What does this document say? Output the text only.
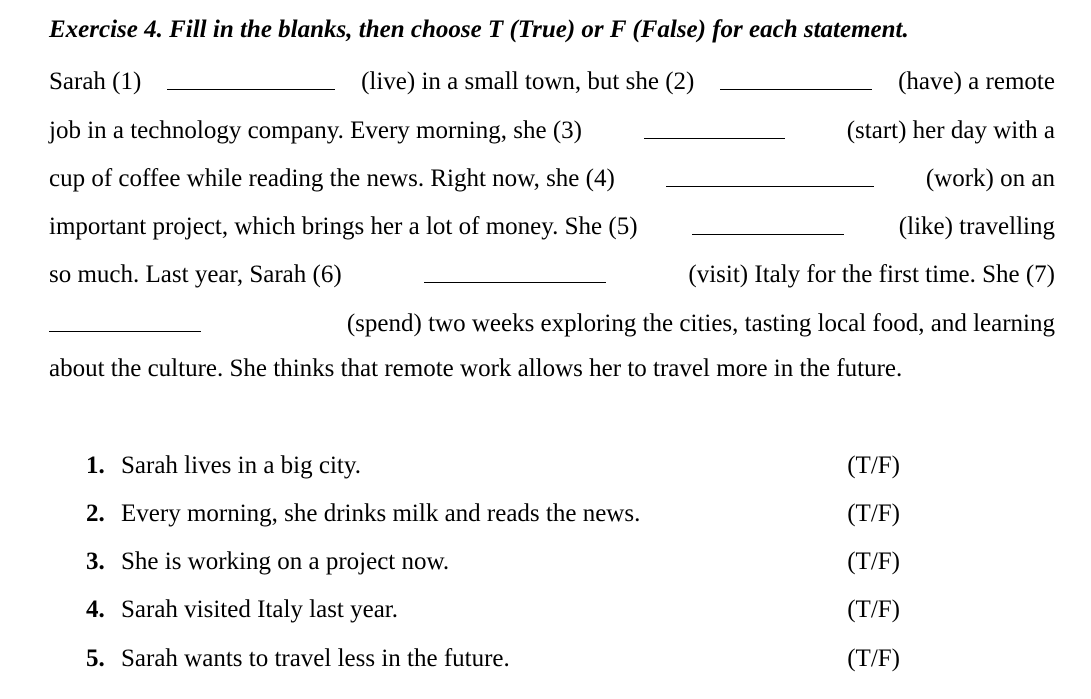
Exercise 4. Fill in the blanks, then choose T (True) or F (False) for each statement.
Sarah (1)	(live) in a small town, but she (2)	(have) a remote
job in a technology company. Every morning, she (3)	(start) her day with a
cup of coffee while reading the news. Right now, she (4)	(work) on an
important project, which brings her a lot of money. She (5)	(like) travelling
so much. Last year, Sarah (6)	(visit) Italy for the first time. She (7)
(spend) two weeks exploring the cities, tasting local food, and learning
about the culture. She thinks that remote work allows her to travel more in the future.
1. Sarah lives in a big city.	(T/F)
2. Every morning, she drinks milk and reads the news.	(T/F)
3. She is working on a project now.	(T/F)
4. Sarah visited Italy last year.	(T/F)
5. Sarah wants to travel less in the future.	(T/F)
